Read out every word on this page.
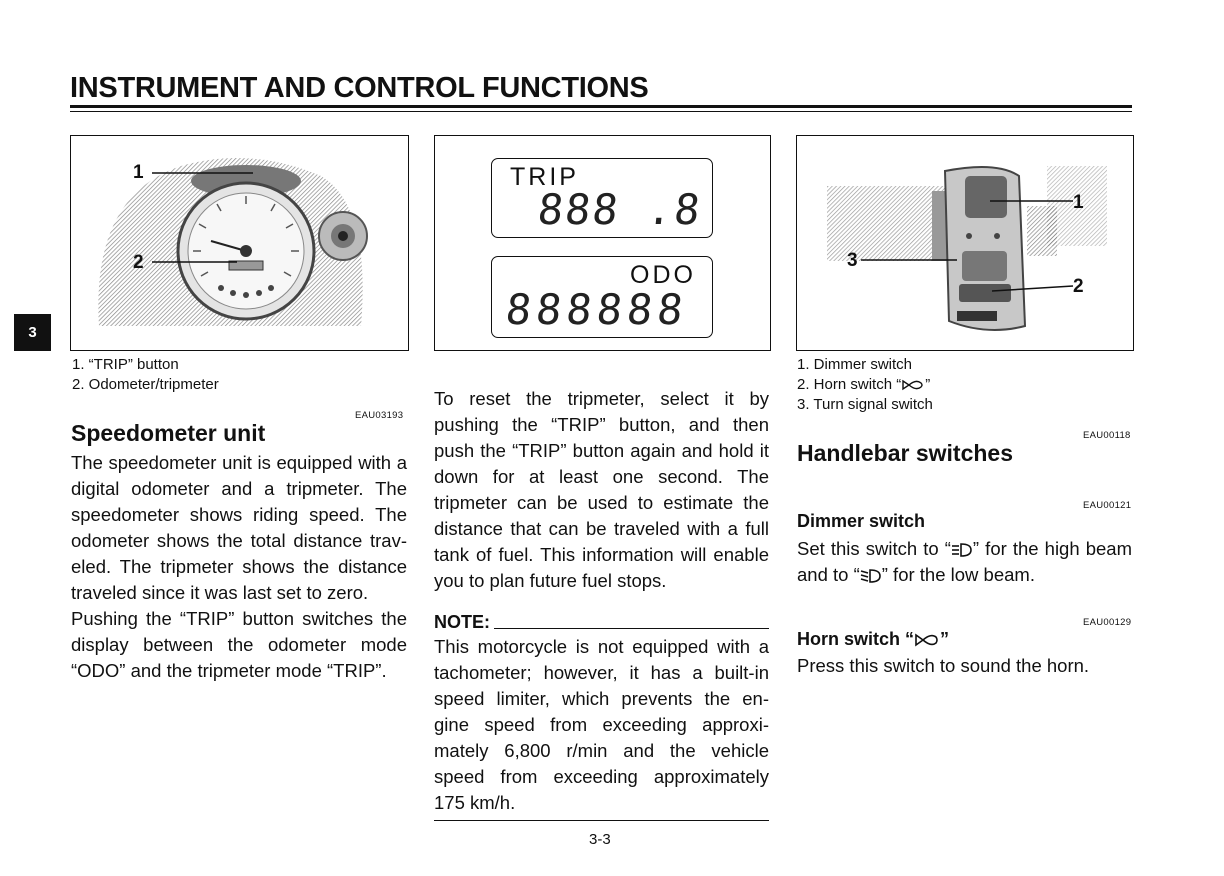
INSTRUMENT AND CONTROL FUNCTIONS
3
1
2
1. “TRIP” button
2. Odometer/tripmeter
TRIP
888 .8
ODO
888888
1
2
3
1. Dimmer switch
2. Horn switch “ ”
3. Turn signal switch
EAU03193
Speedometer unit

The speedometer unit is equipped with a digital odometer and a tripmeter. The speedometer shows riding speed. The odometer shows the total distance trav-eled. The tripmeter shows the distance traveled since it was last set to zero.

Pushing the “TRIP” button switches the display between the odometer mode “ODO” and the tripmeter mode “TRIP”.

To reset the tripmeter, select it by pushing the “TRIP” button, and then push the “TRIP” button again and hold it down for at least one second. The tripmeter can be used to estimate the distance that can be traveled with a full tank of fuel. This information will enable you to plan future fuel stops.

NOTE:

This motorcycle is not equipped with a tachometer; however, it has a built-in speed limiter, which prevents the en-gine speed from exceeding approxi-mately 6,800 r/min and the vehicle speed from exceeding approximately 175 km/h.

3-3
EAU00118
Handlebar switches
EAU00121
Dimmer switch

Set this switch to “ ” for the high beam and to “ ” for the low beam.

EAU00129
Horn switch “ ”

Press this switch to sound the horn.
